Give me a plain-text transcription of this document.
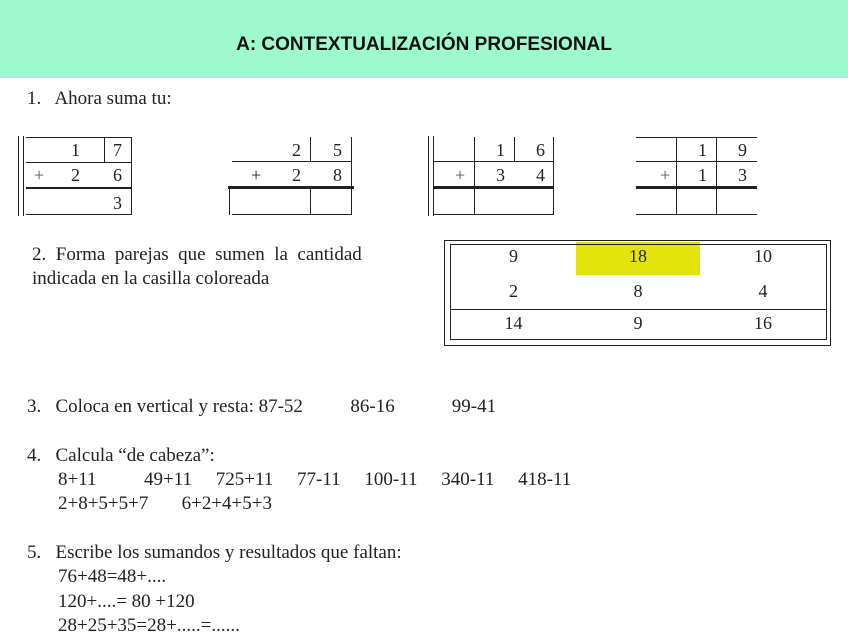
A: CONTEXTUALIZACIÓN PROFESIONAL
1.   Ahora suma tu:
1 7
+ 2 6
3
2 5
+ 2 8
1 6
+ 3 4
1 9
+ 1 3
2.  Forma  parejas  que  sumen  la  cantidad
indicada en la casilla coloreada
9	18	10
2	8	4
14	9	16
3.   Coloca en vertical y resta: 87-52          86-16            99-41
4.   Calcula “de cabeza”:
8+11          49+11     725+11     77-11     100-11     340-11     418-11
2+8+5+5+7       6+2+4+5+3
5.   Escribe los sumandos y resultados que faltan:
76+48=48+....
120+....= 80 +120
28+25+35=28+.....=......
